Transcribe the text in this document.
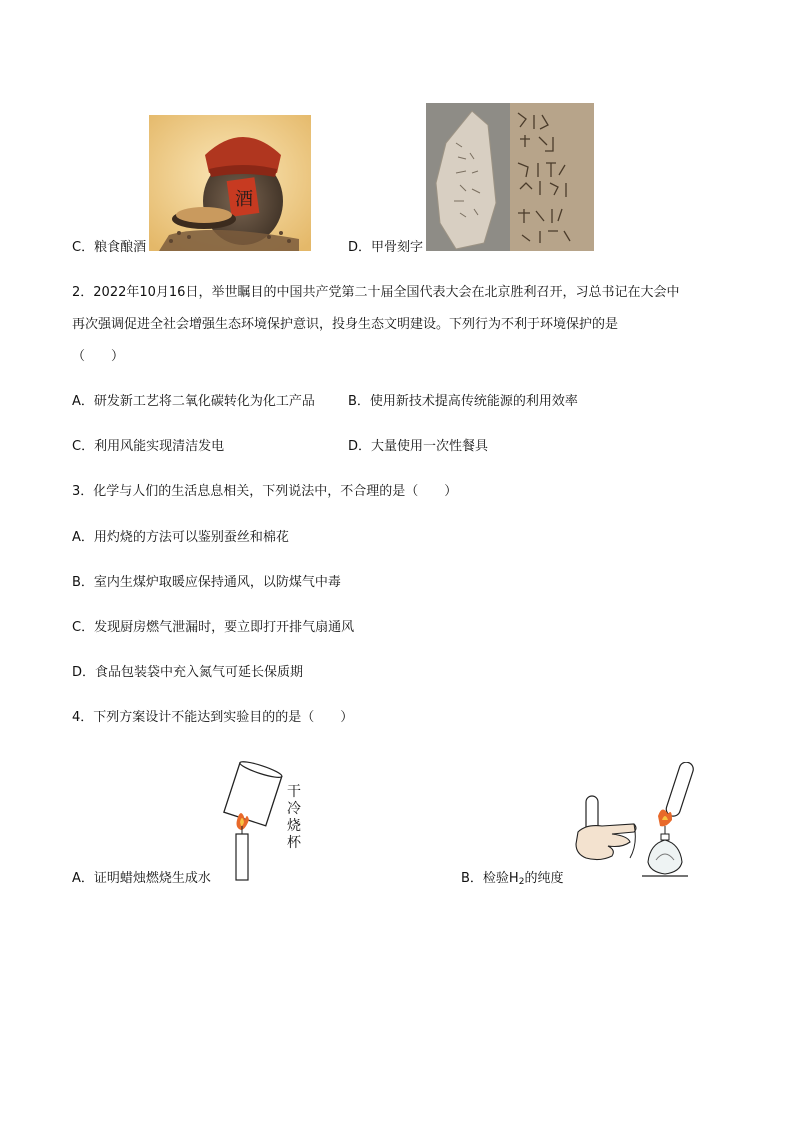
酒
C．粮食酿酒	D．甲骨刻字
2．2022年10月16日，举世瞩目的中国共产党第二十届全国代表大会在北京胜利召开，习总书记在大会中
再次强调促进全社会增强生态环境保护意识，投身生态文明建设。下列行为不利于环境保护的是
（　　）
A．研发新工艺将二氧化碳转化为化工产品	B．使用新技术提高传统能源的利用效率
C．利用风能实现清洁发电	D．大量使用一次性餐具
3．化学与人们的生活息息相关，下列说法中，不合理的是（　　）
A．用灼烧的方法可以鉴别蚕丝和棉花
B．室内生煤炉取暖应保持通风，以防煤气中毒
C．发现厨房燃气泄漏时，要立即打开排气扇通风
D．食品包装袋中充入氮气可延长保质期
4．下列方案设计不能达到实验目的的是（　　）
干
冷
烧
杯
A．证明蜡烛燃烧生成水	B．检验$H_2$的纯度
